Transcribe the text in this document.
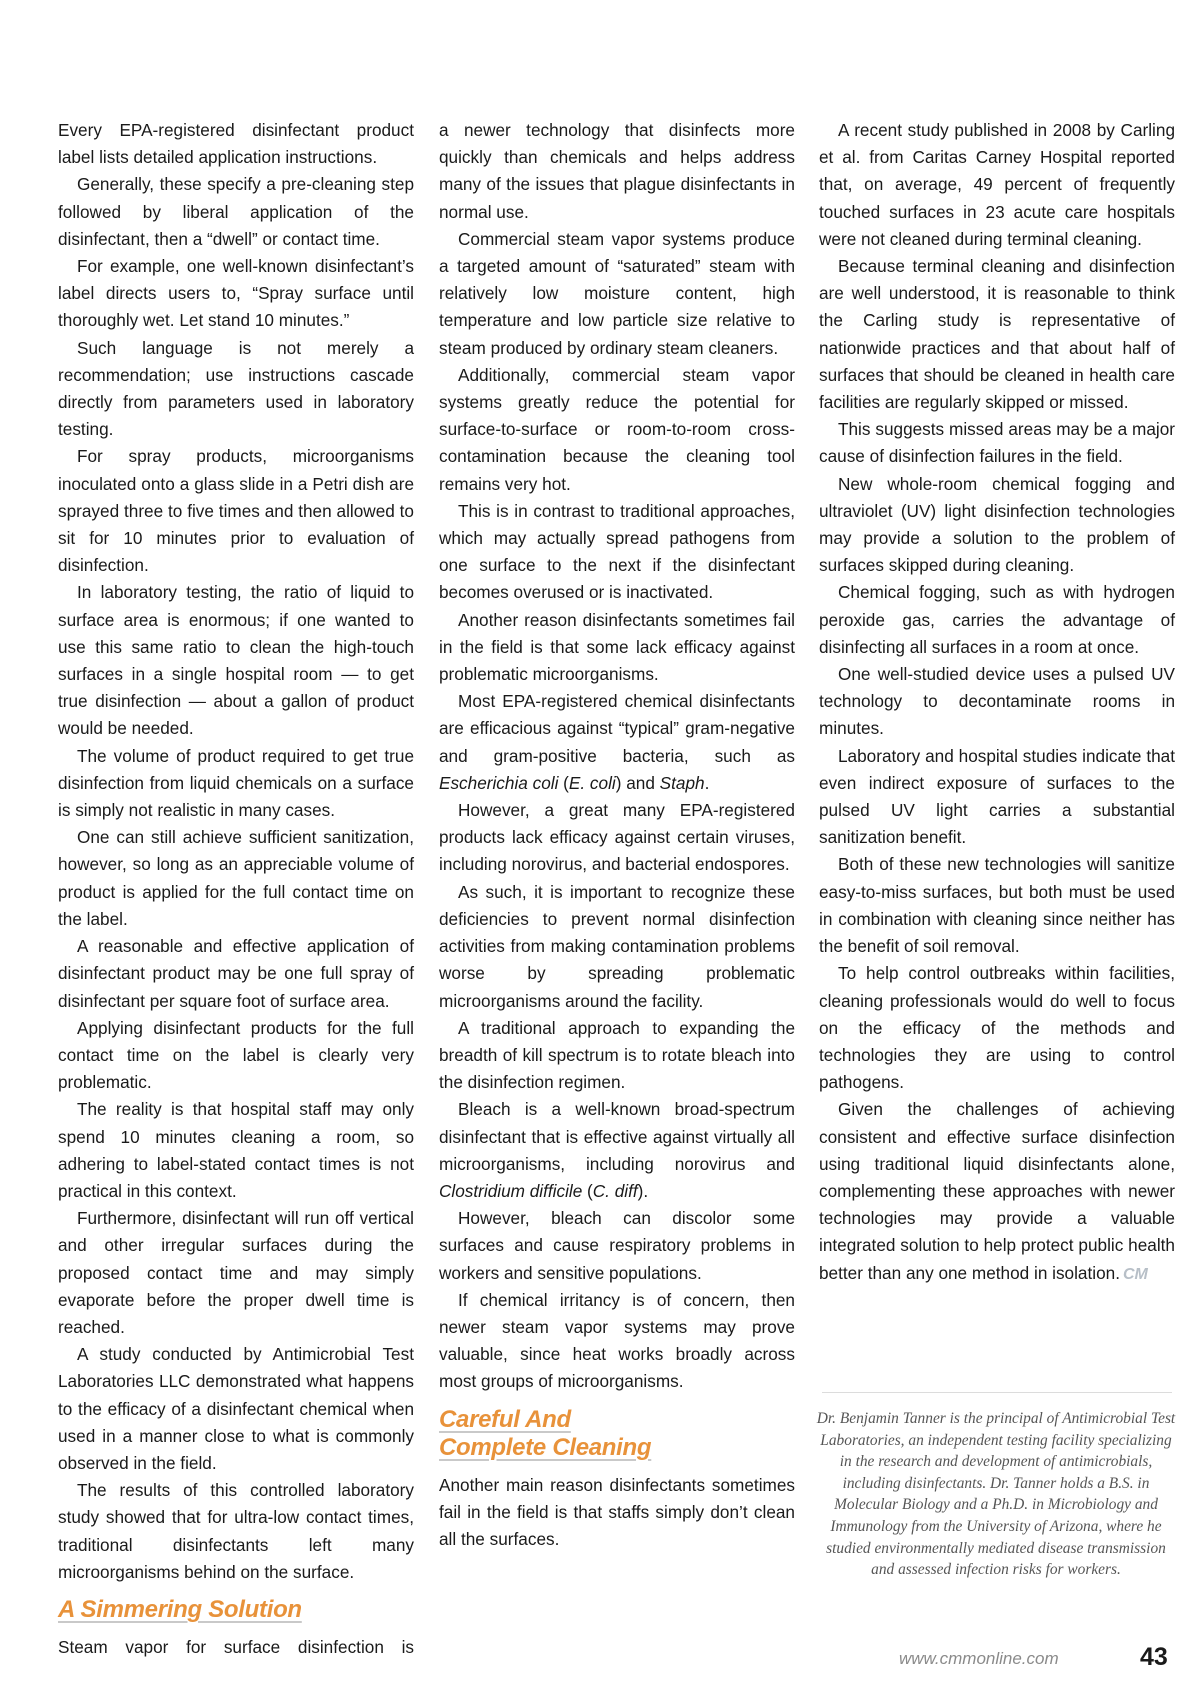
Every EPA-registered disinfectant product label lists detailed application instructions.

Generally, these specify a pre-cleaning step followed by liberal application of the disinfectant, then a “dwell” or contact time.

For example, one well-known disinfectant’s label directs users to, “Spray surface until thoroughly wet. Let stand 10 minutes.”

Such language is not merely a recommendation; use instructions cascade directly from parameters used in laboratory testing.

For spray products, microorganisms inoculated onto a glass slide in a Petri dish are sprayed three to five times and then allowed to sit for 10 minutes prior to evaluation of disinfection.

In laboratory testing, the ratio of liquid to surface area is enormous; if one wanted to use this same ratio to clean the high-touch surfaces in a single hospital room — to get true disinfection — about a gallon of product would be needed.

The volume of product required to get true disinfection from liquid chemicals on a surface is simply not realistic in many cases.

One can still achieve sufficient sanitization, however, so long as an appreciable volume of product is applied for the full contact time on the label.

A reasonable and effective application of disinfectant product may be one full spray of disinfectant per square foot of surface area.

Applying disinfectant products for the full contact time on the label is clearly very problematic.

The reality is that hospital staff may only spend 10 minutes cleaning a room, so adhering to label-stated contact times is not practical in this context.

Furthermore, disinfectant will run off vertical and other irregular surfaces during the proposed contact time and may simply evaporate before the proper dwell time is reached.

A study conducted by Antimicrobial Test Laboratories LLC demonstrated what happens to the efficacy of a disinfectant chemical when used in a manner close to what is commonly observed in the field.

The results of this controlled laboratory study showed that for ultra-low contact times, traditional disinfectants left many microorganisms behind on the surface.

A Simmering Solution

Steam vapor for surface disinfection is

a newer technology that disinfects more quickly than chemicals and helps address many of the issues that plague disinfectants in normal use.

Commercial steam vapor systems produce a targeted amount of “saturated” steam with relatively low moisture content, high temperature and low particle size relative to steam produced by ordinary steam cleaners.

Additionally, commercial steam vapor systems greatly reduce the potential for surface-to-surface or room-to-room cross-contamination because the cleaning tool remains very hot.

This is in contrast to traditional approaches, which may actually spread pathogens from one surface to the next if the disinfectant becomes overused or is inactivated.

Another reason disinfectants sometimes fail in the field is that some lack efficacy against problematic microorganisms.

Most EPA-registered chemical disinfectants are efficacious against “typical” gram-negative and gram-positive bacteria, such as Escherichia coli (E. coli) and Staph.

However, a great many EPA-registered products lack efficacy against certain viruses, including norovirus, and bacterial endospores.

As such, it is important to recognize these deficiencies to prevent normal disinfection activities from making contamination problems worse by spreading problematic microorganisms around the facility.

A traditional approach to expanding the breadth of kill spectrum is to rotate bleach into the disinfection regimen.

Bleach is a well-known broad-spectrum disinfectant that is effective against virtually all microorganisms, including norovirus and Clostridium difficile (C. diff).

However, bleach can discolor some surfaces and cause respiratory problems in workers and sensitive populations.

If chemical irritancy is of concern, then newer steam vapor systems may prove valuable, since heat works broadly across most groups of microorganisms.

Careful And
Complete Cleaning

Another main reason disinfectants sometimes fail in the field is that staffs simply don’t clean all the surfaces.

A recent study published in 2008 by Carling et al. from Caritas Carney Hospital reported that, on average, 49 percent of frequently touched surfaces in 23 acute care hospitals were not cleaned during terminal cleaning.

Because terminal cleaning and disinfection are well understood, it is reasonable to think the Carling study is representative of nationwide practices and that about half of surfaces that should be cleaned in health care facilities are regularly skipped or missed.

This suggests missed areas may be a major cause of disinfection failures in the field.

New whole-room chemical fogging and ultraviolet (UV) light disinfection technologies may provide a solution to the problem of surfaces skipped during cleaning.

Chemical fogging, such as with hydrogen peroxide gas, carries the advantage of disinfecting all surfaces in a room at once.

One well-studied device uses a pulsed UV technology to decontaminate rooms in minutes.

Laboratory and hospital studies indicate that even indirect exposure of surfaces to the pulsed UV light carries a substantial sanitization benefit.

Both of these new technologies will sanitize easy-to-miss surfaces, but both must be used in combination with cleaning since neither has the benefit of soil removal.

To help control outbreaks within facilities, cleaning professionals would do well to focus on the efficacy of the methods and technologies they are using to control pathogens.

Given the challenges of achieving consistent and effective surface disinfection using traditional liquid disinfectants alone, complementing these approaches with newer technologies may provide a valuable integrated solution to help protect public health better than any one method in isolation. CM

Dr. Benjamin Tanner is the principal of Antimicrobial Test Laboratories, an independent testing facility specializing in the research and development of antimicrobials, including disinfectants. Dr. Tanner holds a B.S. in Molecular Biology and a Ph.D. in Microbiology and Immunology from the University of Arizona, where he studied environmentally mediated disease transmission and assessed infection risks for workers.
www.cmmonline.com	43
